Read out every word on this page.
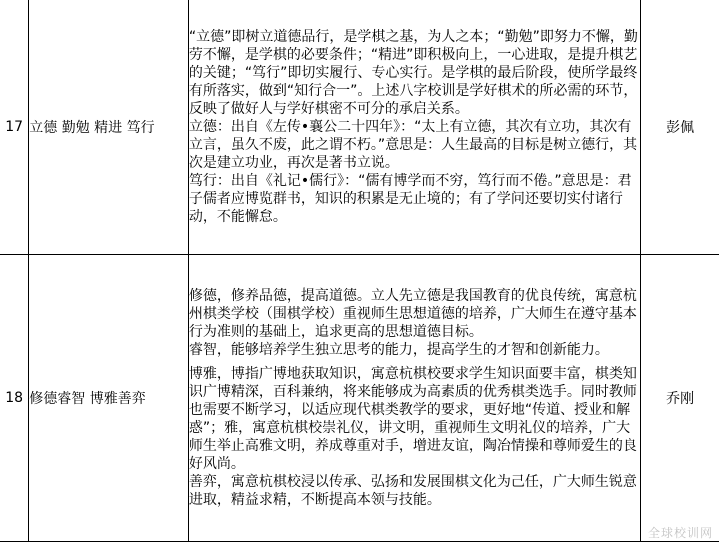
17	立德 勤勉 精进 笃行	“立德”即树立道德品行，是学棋之基，为人之本；“勤勉”即努力不懈，勤劳不懈，是学棋的必要条件；“精进”即积极向上，一心进取，是提升棋艺的关键；“笃行”即切实履行、专心实行。是学棋的最后阶段，使所学最终有所落实，做到“知行合一”。上述八字校训是学好棋术的所必需的环节，反映了做好人与学好棋密不可分的承启关系。

立德：出自《左传•襄公二十四年》：“太上有立德，其次有立功，其次有立言，虽久不废，此之谓不朽。”意思是：人生最高的目标是树立德行，其次是建立功业，再次是著书立说。

笃行：出自《礼记•儒行》：“儒有博学而不穷，笃行而不倦。”意思是：君子儒者应博览群书，知识的积累是无止境的；有了学问还要切实付诸行动，不能懈怠。	彭佩
18	修德睿智 博雅善弈	修德，修养品德，提高道德。立人先立德是我国教育的优良传统，寓意杭州棋类学校（围棋学校）重视师生思想道德的培养，广大师生在遵守基本行为准则的基础上，追求更高的思想道德目标。

睿智，能够培养学生独立思考的能力，提高学生的才智和创新能力。

博雅，博指广博地获取知识，寓意杭棋校要求学生知识面要丰富，棋类知识广博精深，百科兼纳，将来能够成为高素质的优秀棋类选手。同时教师也需要不断学习，以适应现代棋类教学的要求，更好地“传道、授业和解惑”；雅，寓意杭棋校崇礼仪，讲文明，重视师生文明礼仪的培养，广大师生举止高雅文明，养成尊重对手，增进友谊，陶冶情操和尊师爱生的良好风尚。

善弈，寓意杭棋校浸以传承、弘扬和发展围棋文化为己任，广大师生锐意进取，精益求精，不断提高本领与技能。	乔刚
全球校训网
